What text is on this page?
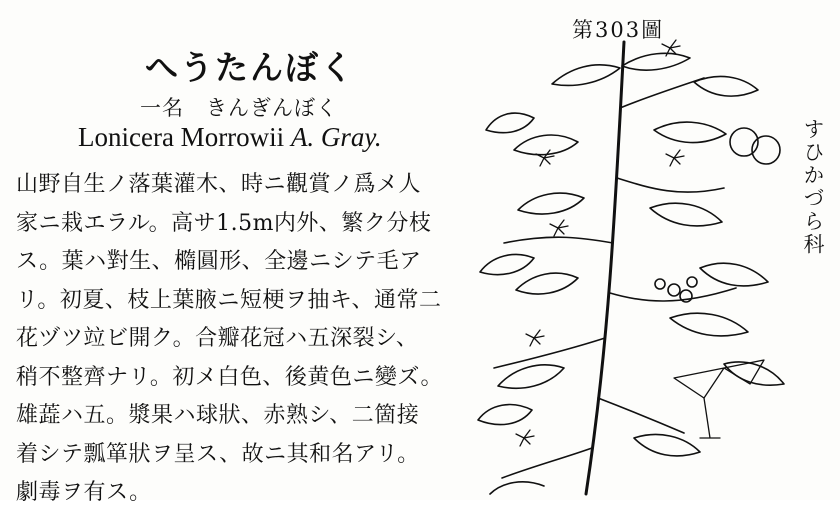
へうたんぼく
一名 きんぎんぼく
Lonicera Morrowii A. Gray.
山野自生ノ落葉灌木、時ニ觀賞ノ爲メ人
家ニ栽エラル。高サ1.5m内外、繁ク分枝
ス。葉ハ對生、橢圓形、全邊ニシテ毛ア
リ。初夏、枝上葉腋ニ短梗ヲ抽キ、通常二
花ヅツ竝ビ開ク。合瓣花冠ハ五深裂シ、
稍不整齊ナリ。初メ白色、後黄色ニ變ズ。
雄蕋ハ五。漿果ハ球狀、赤熟シ、二箇接
着シテ瓢箪狀ヲ呈ス、故ニ其和名アリ。
劇毒ヲ有ス。
第303圖
すひかづら科
